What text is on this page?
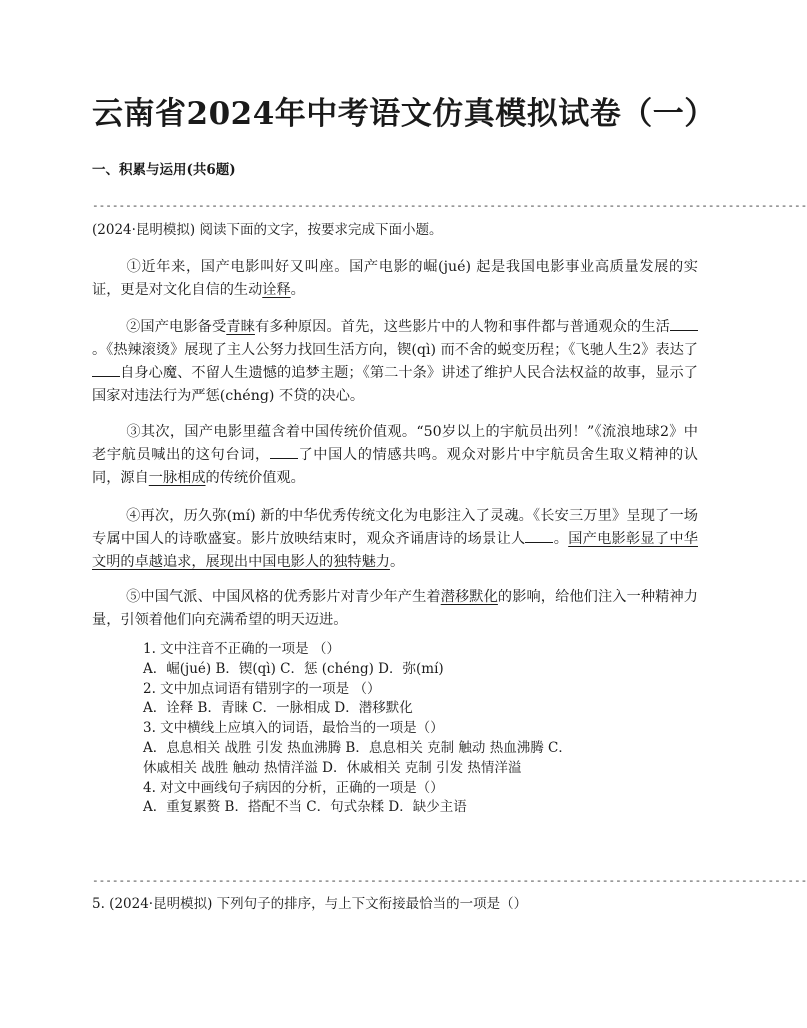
云南省2024年中考语文仿真模拟试卷（一）
一、积累与运用(共6题)
------------------------------------------------------------------------------------------------------------
(2024·昆明模拟) 阅读下面的文字，按要求完成下面小题。
①近年来，国产电影叫好又叫座。国产电影的崛(jué) 起是我国电影事业高质量发展的实证，更是对文化自信的生动诠释。
②国产电影备受青睐有多种原因。首先，这些影片中的人物和事件都与普通观众的生活。《热辣滚烫》展现了主人公努力找回生活方向，锲(qì) 而不舍的蜕变历程；《飞驰人生2》表达了自身心魔、不留人生遗憾的追梦主题；《第二十条》讲述了维护人民合法权益的故事，显示了国家对违法行为严惩(chéng) 不贷的决心。
③其次，国产电影里蕴含着中国传统价值观。“50岁以上的宇航员出列！”《流浪地球2》中老宇航员喊出的这句台词， 了中国人的情感共鸣。观众对影片中宇航员舍生取义精神的认同，源自一脉相成的传统价值观。
④再次，历久弥(mí) 新的中华优秀传统文化为电影注入了灵魂。《长安三万里》呈现了一场专属中国人的诗歌盛宴。影片放映结束时，观众齐诵唐诗的场景让人 。国产电影彰显了中华文明的卓越追求，展现出中国电影人的独特魅力。
⑤中国气派、中国风格的优秀影片对青少年产生着潜移默化的影响，给他们注入一种精神力量，引领着他们向充满希望的明天迈进。
1. 文中注音不正确的一项是 （）
A．崛(jué) B．锲(qì) C．惩 (chéng) D．弥(mí)
2. 文中加点词语有错别字的一项是 （）
A．诠释 B．青睐 C．一脉相成 D．潜移默化
3. 文中横线上应填入的词语，最恰当的一项是（）
A．息息相关 战胜 引发 热血沸腾 B．息息相关 克制 触动 热血沸腾 C．
休戚相关 战胜 触动 热情洋溢 D．休戚相关 克制 引发 热情洋溢
4. 对文中画线句子病因的分析，正确的一项是（）
A．重复累赘 B．搭配不当 C．句式杂糅 D．缺少主语
------------------------------------------------------------------------------------------------------------
5. (2024·昆明模拟) 下列句子的排序，与上下文衔接最恰当的一项是（）
